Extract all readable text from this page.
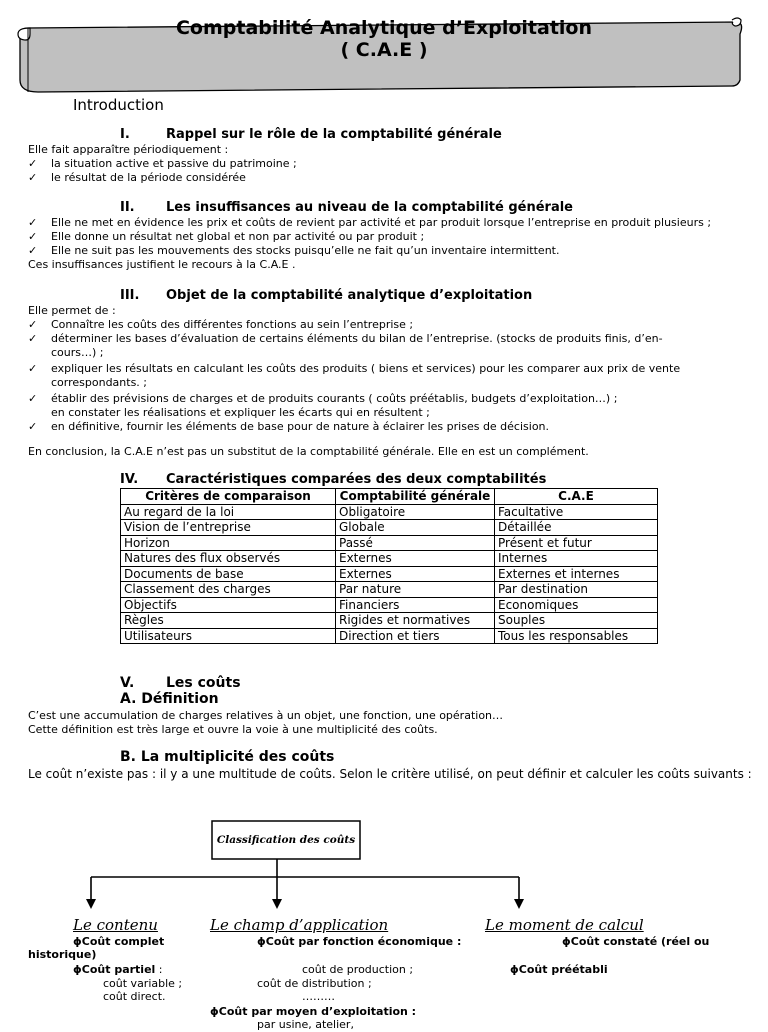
Comptabilité Analytique d’Exploitation
( C.A.E )
Introduction
I.	Rappel sur le rôle de la comptabilité générale
Elle fait apparaître périodiquement :
✓ la situation active et passive du patrimoine ;
✓ le résultat de la période considérée
II. Les insuffisances au niveau de la comptabilité générale
✓ Elle ne met en évidence les prix et coûts de revient par activité et par produit lorsque l’entreprise en produit plusieurs ;
✓ Elle donne un résultat net global et non par activité ou par produit ;
✓ Elle ne suit pas les mouvements des stocks puisqu’elle ne fait qu’un inventaire intermittent.
Ces insuffisances justifient le recours à la C.A.E .
III. Objet de la comptabilité analytique d’exploitation
Elle permet de :
✓ Connaître les coûts des différentes fonctions au sein l’entreprise ;
✓ déterminer les bases d’évaluation de certains éléments du bilan de l’entreprise. (stocks de produits finis, d’en-
cours…) ;
✓ expliquer les résultats en calculant les coûts des produits ( biens et services) pour les comparer aux prix de vente
correspondants. ;
✓ établir des prévisions de charges et de produits courants ( coûts préétablis, budgets d’exploitation…) ;
en constater les réalisations et expliquer les écarts qui en résultent ;
✓ en définitive, fournir les éléments de base pour de nature à éclairer les prises de décision.
En conclusion, la C.A.E n’est pas un substitut de la comptabilité générale. Elle en est un complément.
IV. Caractéristiques comparées des deux comptabilités
Critères de comparaison	Comptabilité générale	C.A.E
Au regard de la loi	Obligatoire	Facultative
Vision de l’entreprise	Globale	Détaillée
Horizon	Passé	Présent et futur
Natures des flux observés	Externes	Internes
Documents de base	Externes	Externes et internes
Classement des charges	Par nature	Par destination
Objectifs	Financiers	Economiques
Règles	Rigides et normatives	Souples
Utilisateurs	Direction et tiers	Tous les responsables
V. Les coûts
A. Définition
C’est une accumulation de charges relatives à un objet, une fonction, une opération…
Cette définition est très large et ouvre la voie à une multiplicité des coûts.
B. La multiplicité des coûts
Le coût n’existe pas : il y a une multitude de coûts. Selon le critère utilisé, on peut définir et calculer les coûts suivants :
Classification des coûts
Le contenu	Le champ d’application	Le moment de calcul
ϕCoût complet
historique)
ϕCoût partiel :
coût variable ;
coût direct.
ϕCoût par fonction économique :
coût de production ;
coût de distribution ;
………
ϕCoût par moyen d’exploitation :
par usine, atelier,
ϕCoût constaté (réel ou
ϕCoût préétabli
